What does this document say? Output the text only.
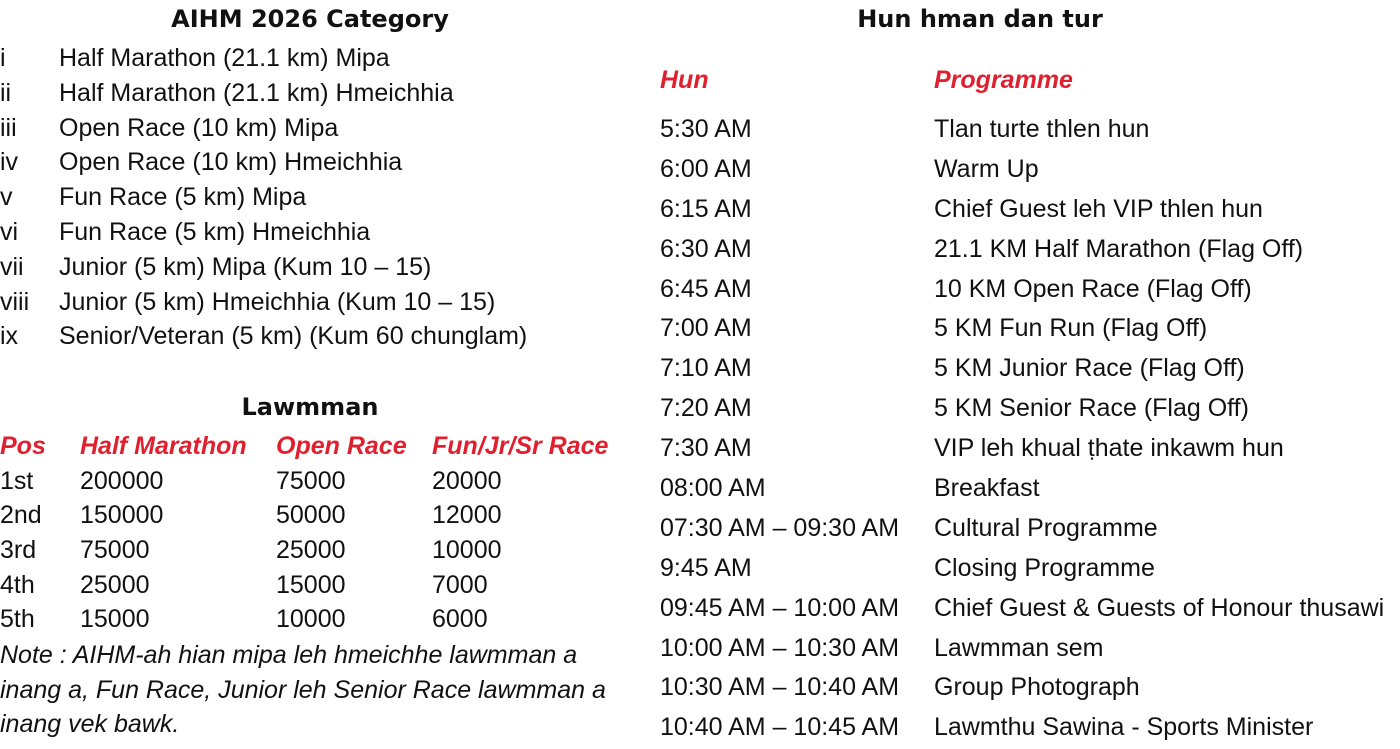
AIHM 2026 Category
i Half Marathon (21.1 km) Mipa
ii Half Marathon (21.1 km) Hmeichhia
iii Open Race (10 km) Mipa
iv Open Race (10 km) Hmeichhia
v Fun Race (5 km) Mipa
vi Fun Race (5 km) Hmeichhia
vii Junior (5 km) Mipa (Kum 10 – 15)
viii Junior (5 km) Hmeichhia (Kum 10 – 15)
ix Senior/Veteran (5 km) (Kum 60 chunglam)
Lawmman
Pos	Half Marathon	Open Race	Fun/Jr/Sr Race
1st	200000	75000	20000
2nd	150000	50000	12000
3rd	75000	25000	10000
4th	25000	15000	7000
5th	15000	10000	6000
Note : AIHM-ah hian mipa leh hmeichhe lawmman a inang a, Fun Race, Junior leh Senior Race lawmman a inang vek bawk.
Hun hman dan tur
Hun	Programme
5:30 AM	Tlan turte thlen hun
6:00 AM	Warm Up
6:15 AM	Chief Guest leh VIP thlen hun
6:30 AM	21.1 KM Half Marathon (Flag Off)
6:45 AM	10 KM Open Race (Flag Off)
7:00 AM	5 KM Fun Run (Flag Off)
7:10 AM	5 KM Junior Race (Flag Off)
7:20 AM	5 KM Senior Race (Flag Off)
7:30 AM	VIP leh khual ṭhate inkawm hun
08:00 AM	Breakfast
07:30 AM – 09:30 AM Cultural Programme
9:45 AM	Closing Programme
09:45 AM – 10:00 AM Chief Guest & Guests of Honour thusawi
10:00 AM – 10:30 AM Lawmman sem
10:30 AM – 10:40 AM Group Photograph
10:40 AM – 10:45 AM Lawmthu Sawina - Sports Minister
